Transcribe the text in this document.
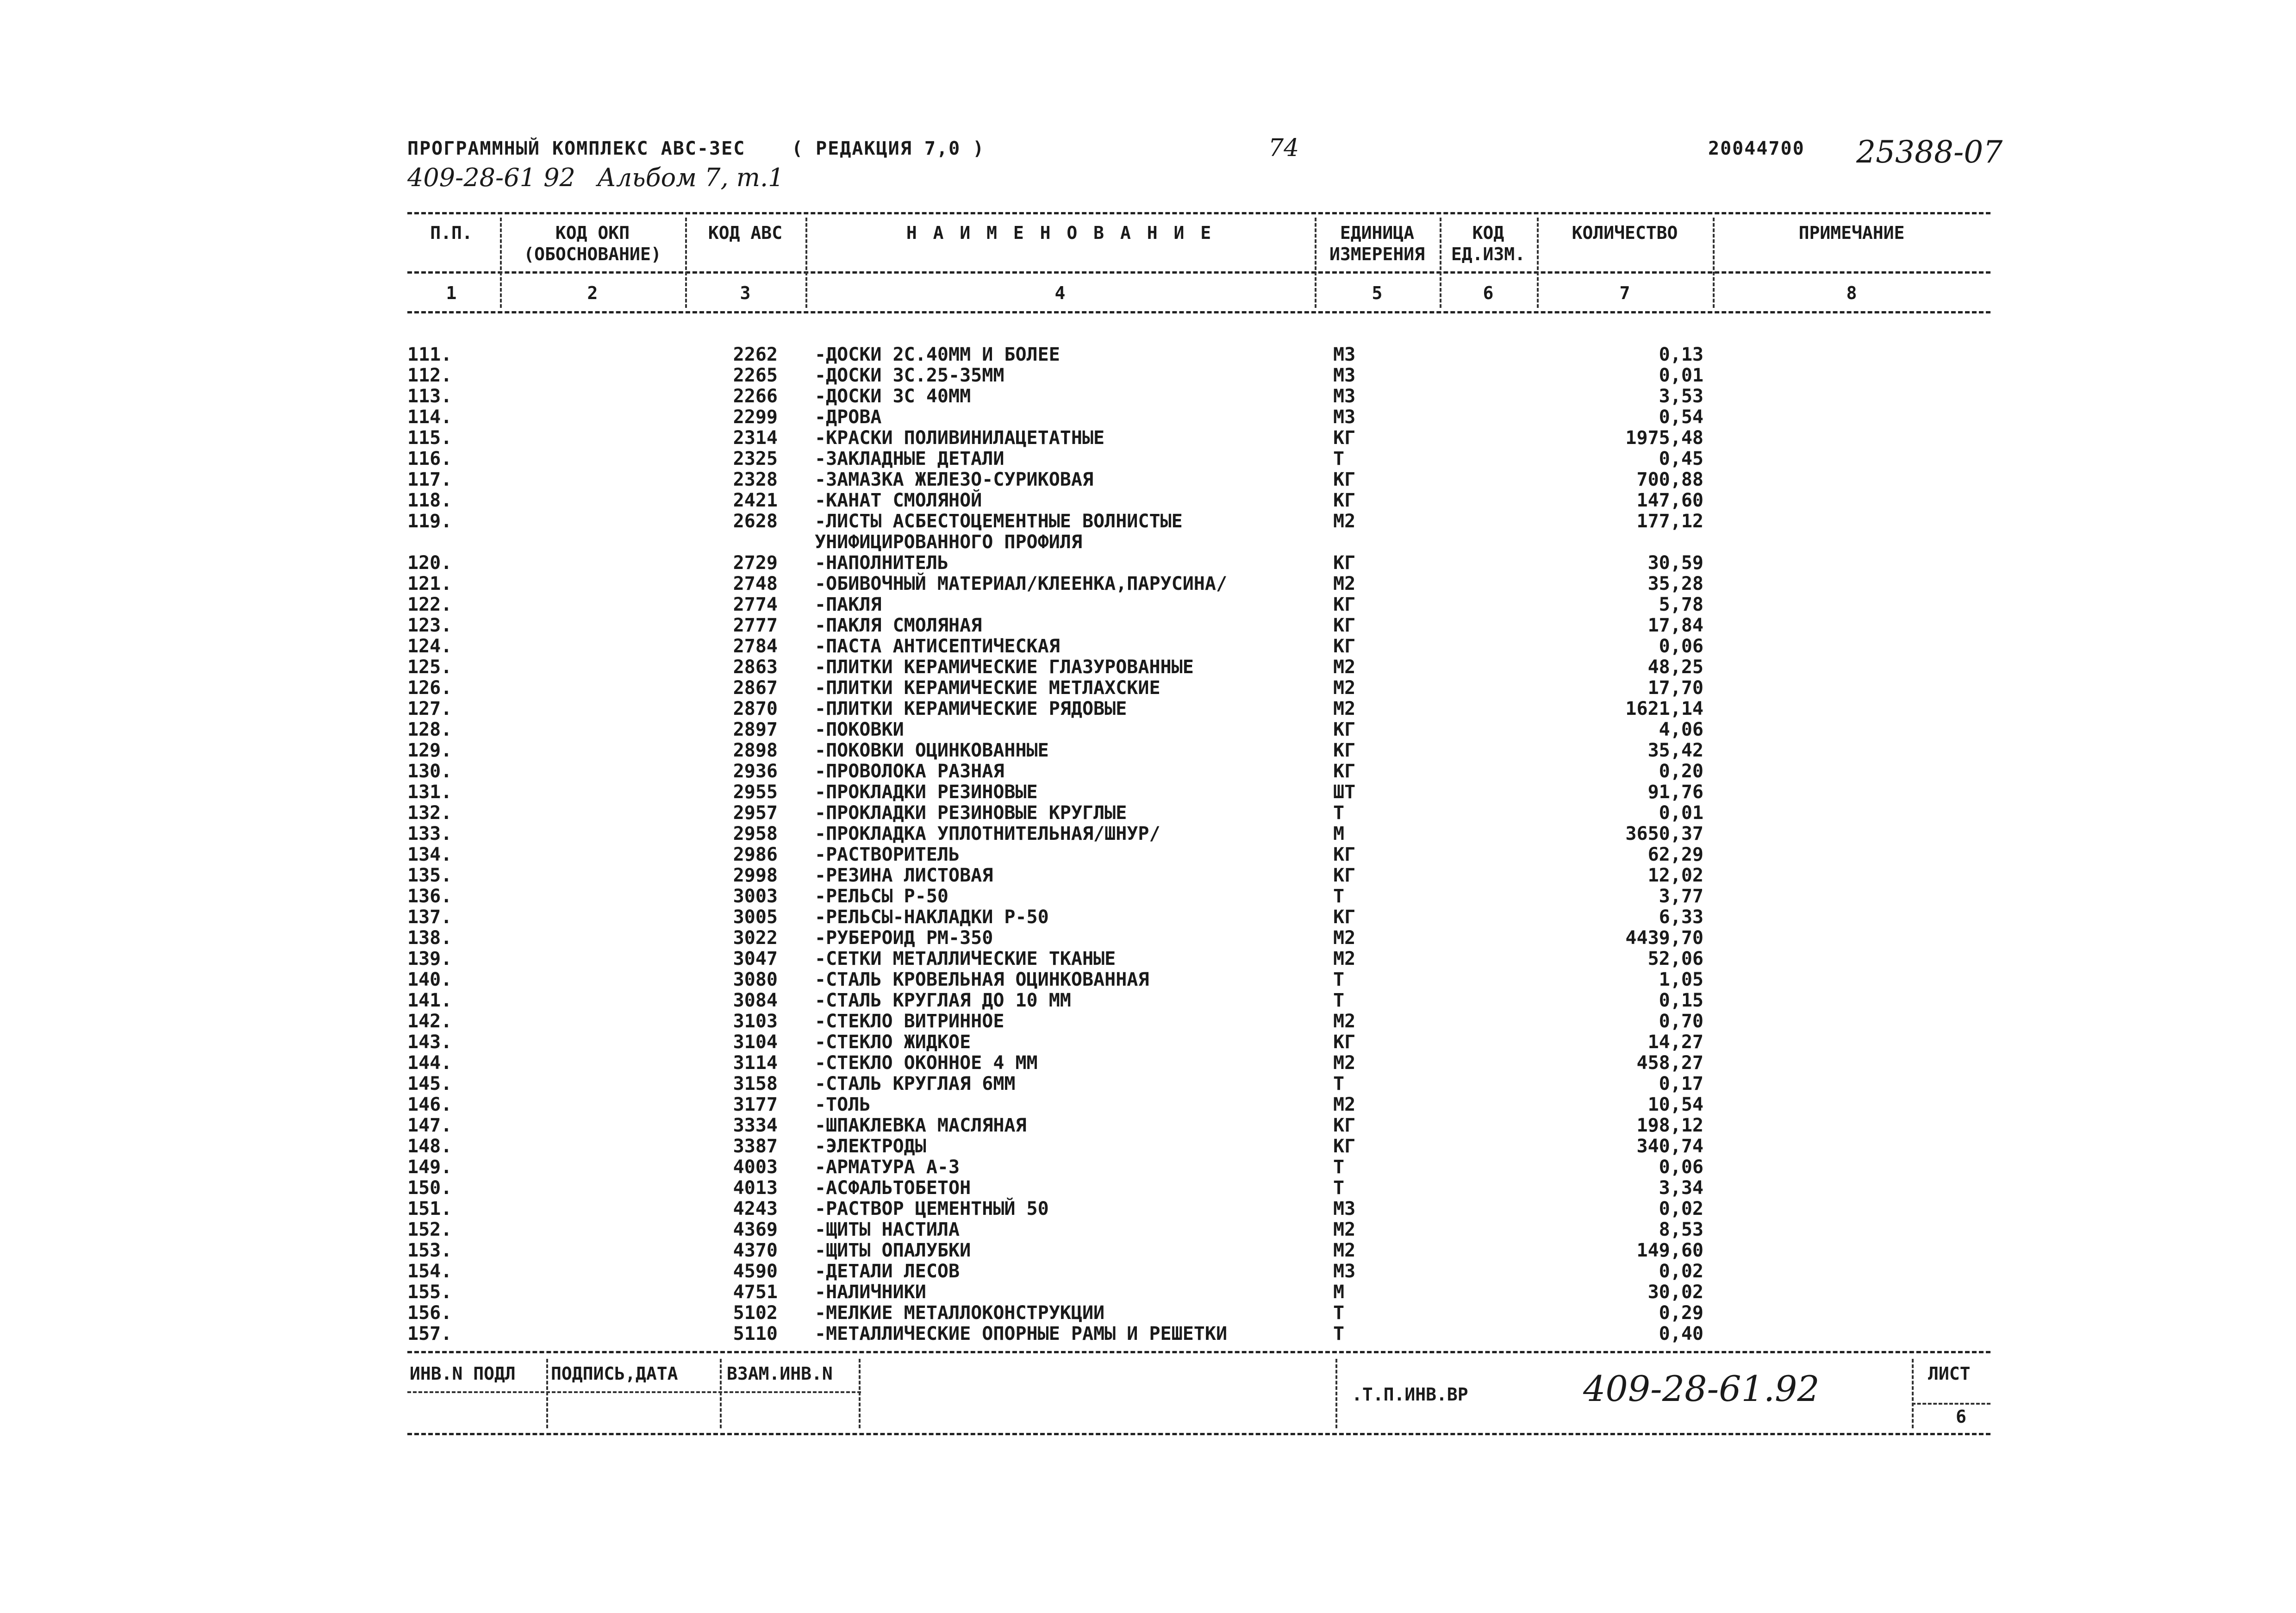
ПРОГРАММНЫЙ КОМПЛЕКС АВС-ЗЕС ( РЕДАКЦИЯ 7,0 )	74	20044700 25388-07
409-28-61 92 Альбом 7, т.1
П.П.	КОД ОКП
(ОБОСНОВАНИЕ)
КОД АВС	Н А И М Е Н О В А Н И Е	ЕДИНИЦА
ИЗМЕРЕНИЯ
КОД
ЕД.ИЗМ.
КОЛИЧЕСТВО	ПРИМЕЧАНИЕ
1	2	3	4	5	6	7	8
111.	2262 -ДОСКИ 2С.40ММ И БОЛЕЕ	М3	0,13
112.	2265 -ДОСКИ 3С.25-35ММ	М3	0,01
113.	2266 -ДОСКИ 3С 40ММ	М3	3,53
114.	2299 -ДРОВА	М3	0,54
115.	2314 -КРАСКИ ПОЛИВИНИЛАЦЕТАТНЫЕ	КГ	1975,48
116.	2325 -ЗАКЛАДНЫЕ ДЕТАЛИ	Т	0,45
117.	2328 -ЗАМАЗКА ЖЕЛЕЗО-СУРИКОВАЯ	КГ	700,88
118.	2421 -КАНАТ СМОЛЯНОЙ	КГ	147,60
119.	2628 -ЛИСТЫ АСБЕСТОЦЕМЕНТНЫЕ ВОЛНИСТЫЕ	М2	177,12
УНИФИЦИРОВАННОГО ПРОФИЛЯ
120.	2729 -НАПОЛНИТЕЛЬ	КГ	30,59
121.	2748 -ОБИВОЧНЫЙ МАТЕРИАЛ/КЛЕЕНКА,ПАРУСИНА/	М2	35,28
122.	2774 -ПАКЛЯ	КГ	5,78
123.	2777 -ПАКЛЯ СМОЛЯНАЯ	КГ	17,84
124.	2784 -ПАСТА АНТИСЕПТИЧЕСКАЯ	КГ	0,06
125.	2863 -ПЛИТКИ КЕРАМИЧЕСКИЕ ГЛАЗУРОВАННЫЕ	М2	48,25
126.	2867 -ПЛИТКИ КЕРАМИЧЕСКИЕ МЕТЛАХСКИЕ	М2	17,70
127.	2870 -ПЛИТКИ КЕРАМИЧЕСКИЕ РЯДОВЫЕ	М2	1621,14
128.	2897 -ПОКОВКИ	КГ	4,06
129.	2898 -ПОКОВКИ ОЦИНКОВАННЫЕ	КГ	35,42
130.	2936 -ПРОВОЛОКА РАЗНАЯ	КГ	0,20
131.	2955 -ПРОКЛАДКИ РЕЗИНОВЫЕ	ШТ	91,76
132.	2957 -ПРОКЛАДКИ РЕЗИНОВЫЕ КРУГЛЫЕ	Т	0,01
133.	2958 -ПРОКЛАДКА УПЛОТНИТЕЛЬНАЯ/ШНУР/	М	3650,37
134.	2986 -РАСТВОРИТЕЛЬ	КГ	62,29
135.	2998 -РЕЗИНА ЛИСТОВАЯ	КГ	12,02
136.	3003 -РЕЛЬСЫ Р-50	Т	3,77
137.	3005 -РЕЛЬСЫ-НАКЛАДКИ Р-50	КГ	6,33
138.	3022 -РУБЕРОИД РМ-350	М2	4439,70
139.	3047 -СЕТКИ МЕТАЛЛИЧЕСКИЕ ТКАНЫЕ	М2	52,06
140.	3080 -СТАЛЬ КРОВЕЛЬНАЯ ОЦИНКОВАННАЯ	Т	1,05
141.	3084 -СТАЛЬ КРУГЛАЯ ДО 10 ММ	Т	0,15
142.	3103 -СТЕКЛО ВИТРИННОЕ	М2	0,70
143.	3104 -СТЕКЛО ЖИДКОЕ	КГ	14,27
144.	3114 -СТЕКЛО ОКОННОЕ 4 ММ	М2	458,27
145.	3158 -СТАЛЬ КРУГЛАЯ 6ММ	Т	0,17
146.	3177 -ТОЛЬ	М2	10,54
147.	3334 -ШПАКЛЕВКА МАСЛЯНАЯ	КГ	198,12
148.	3387 -ЭЛЕКТРОДЫ	КГ	340,74
149.	4003 -АРМАТУРА А-3	Т	0,06
150.	4013 -АСФАЛЬТОБЕТОН	Т	3,34
151.	4243 -РАСТВОР ЦЕМЕНТНЫЙ 50	М3	0,02
152.	4369 -ЩИТЫ НАСТИЛА	М2	8,53
153.	4370 -ЩИТЫ ОПАЛУБКИ	М2	149,60
154.	4590 -ДЕТАЛИ ЛЕСОВ	М3	0,02
155.	4751 -НАЛИЧНИКИ	М	30,02
156.	5102 -МЕЛКИЕ МЕТАЛЛОКОНСТРУКЦИИ	Т	0,29
157.	5110 -МЕТАЛЛИЧЕСКИЕ ОПОРНЫЕ РАМЫ И РЕШЕТКИ	Т	0,40
ИНВ.N ПОДЛ ПОДПИСЬ,ДАТА	ВЗАМ.ИНВ.N
.Т.П.ИНВ.ВР	409-28-61.92	ЛИСТ
6
